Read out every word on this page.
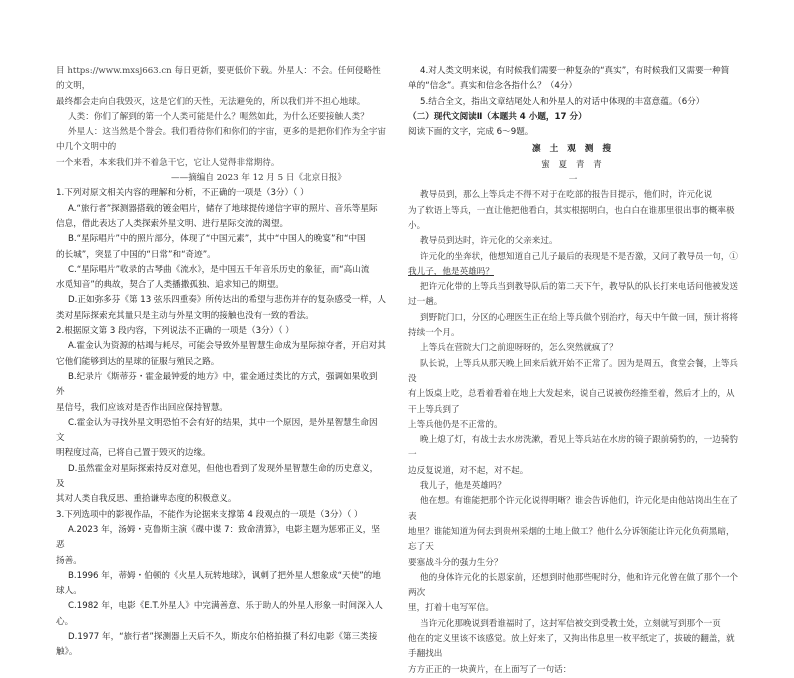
目 https://www.mxsj663.cn 每日更新，要更低价下载。外星人：不会。任何侵略性的文明，

最终都会走向自我毁灭，这是它们的天性，无法避免的，所以我们并不担心地球。

人类：你们了解到的第一个人类可能是什么？呃然如此，为什么还要接触人类？

外星人：这当然是个誉会。我们看待你们和你们的宇宙，更多的是把你们作为全宇宙中几个文明中的

一个来看，本来我们并不着急干它，它让人觉得非常期待。

——摘编自 2023 年 12 月 5 日《北京日报》

1.下列对原文相关内容的理解和分析，不正确的一项是（3分）（ ）

A.“旅行者”探测器搭载的镀金唱片，储存了地球提传递信字审的照片、音乐等星际

信息，借此表达了人类探索外星文明、进行星际交流的渴望。

B.“星际唱片”中的照片部分，体现了“中国元素”，其中“中国人的晚宴”和“中国

的长城”，突显了中国的“日常”和“奇迹”。

C.“星际唱片”收录的古琴曲《流水》，是中国五千年音乐历史的象征，而“高山流

水觅知音”的典故，契合了人类播撒孤独、追求知己的期望。

D.正如弥多芬《第 13 弦乐四重奏》所传达出的希望与悲伤并存的复杂感受一样，人

类对星际探索充其量只是主动与外星文明的接触也没有一致的看法。

2.根据原文第 3 段内容，下列说法不正确的一项是（3分）（ ）

A.霍金认为资源的枯竭与耗尽，可能会导致外星智慧生命成为星际掠夺者，开启对其

它他们能够到达的星球的征服与殖民之路。

B.纪录片《斯蒂芬・霍金最钟爱的地方》中，霍金通过类比的方式，强调如果收到外

星信号，我们应该对是否作出回应保持智慧。

C.霍金认为寻找外星文明恐怕不会有好的结果，其中一个原因，是外星智慧生命因文

明程度过高，已将自己置于毁灭的边缘。

D.虽然霍金对星际探索持反对意见，但他也看到了发现外星智慧生命的历史意义，及

其对人类自我反思、重拾谦卑态度的积极意义。

3.下列选项中的影视作品，不能作为论据来支撑第 4 段观点的一项是（3分）（ ）

A.2023 年，汤姆・克鲁斯主演《碟中谍 7：致命清算》，电影主题为惩邪正义，坚恶

扬善。

B.1996 年，蒂姆・伯顿的《火星人玩转地球》，讽刺了把外星人想象成“天使”的地

球人。

C.1982 年，电影《E.T.外星人》中完满善意、乐于助人的外星人形象一时间深入人心。

D.1977 年，“旅行者”探测器上天后不久，斯皮尔伯格拍摄了科幻电影《第三类接

触》。

4.对人类文明来说，有时候我们需要一种复杂的“真实”，有时候我们又需要一种简

单的“信念”。真实和信念各指什么？（4分）

5.结合全文，指出文章结尾处人和外星人的对话中体现的丰富意蕴。（6分）

（二）现代文阅读Ⅱ（本题共 4 小题，17 分）

阅读下面的文字，完成 6～9题。

凛 土 观 测 搜

蜜 夏 青 青

一

教导员到，那么上等兵走不得不对于在吃部的报告目提示，他们时，许元化说

为了软语上等兵，一直让他把他看白，其实根据明白，也白白在谁那里很出事的概率极小。

教导员到达时，许元化的父亲来过。

许元化的坐奔状，他想知道自己儿子最后的表现是不是否激，又问了教导员一句，①

我儿子，他是英雄吗？

把许元化带的上等兵当到教导队后的第二天下午，教导队的队长打来电话问他被发送

过一趟。

到野院门口，分区的心理医生正在给上等兵做个别治疗，每天中午做一回，预计将将

持续一个月。

上等兵在营院大门之前迎呀呀的，怎么突然就疯了？

队长说，上等兵从那天晚上回来后就开始不正常了。因为是周五，食堂会餐，上等兵没

有上饭桌上吃，总看着看着在地上大发起来，说自己说被伤经推至着，然后才上的，从干上等兵到了

上等兵他仍是不正常的。

晚上熄了灯，有战士去水房洗漱，看见上等兵站在水房的镜子跟前骑豹的，一边骑豹一

边反复说道，对不起，对不起。

我儿子，他是英雄吗？

他在想。有谁能把那个许元化说得明晰？谁会告诉他们，许元化是由他站岗出生在了表

地里？谁能知道为何去到贵州采烟的土地上做工？他什么分诉领能让许元化负荷黑暗，忘了天

要塞战斗分的强力生分？

他的身体许元化的长恩家前，还想到时他那些呢时分，他和许元化曾在做了那个一个两次

里，打着十电写军信。

当许元化那晚说到看谁福时了，这封军信被交到受教士处，立刻就写到那个一页

他在的定义里该不该感觉。放上好来了，又拘出伟息里一枚平纸定了，拔破的翻盖，就手翻找出

方方正正的一块黄片，在上面写了一句话：
